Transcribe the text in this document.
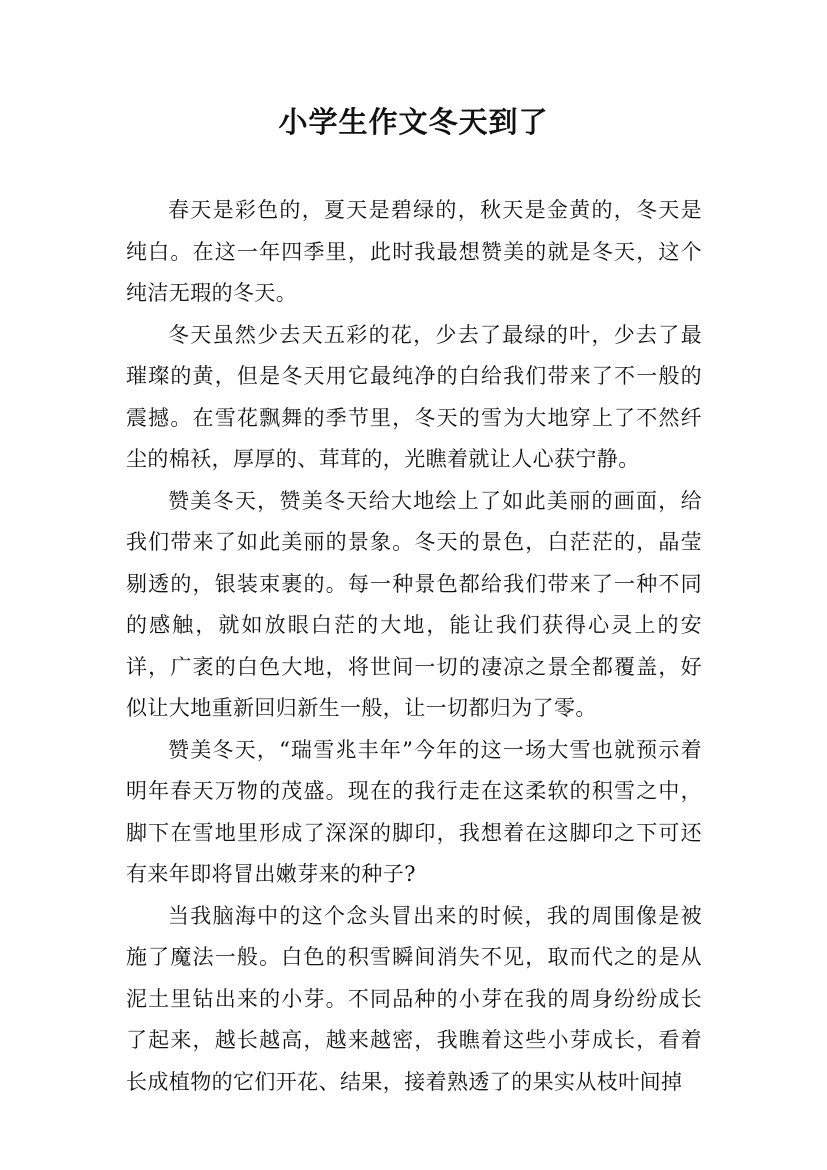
小学生作文冬天到了

春天是彩色的，夏天是碧绿的，秋天是金黄的，冬天是纯白。在这一年四季里，此时我最想赞美的就是冬天，这个纯洁无瑕的冬天。

冬天虽然少去天五彩的花，少去了最绿的叶，少去了最璀璨的黄，但是冬天用它最纯净的白给我们带来了不一般的震撼。在雪花飘舞的季节里，冬天的雪为大地穿上了不然纤尘的棉袄，厚厚的、茸茸的，光瞧着就让人心获宁静。

赞美冬天，赞美冬天给大地绘上了如此美丽的画面，给我们带来了如此美丽的景象。冬天的景色，白茫茫的，晶莹剔透的，银装束裹的。每一种景色都给我们带来了一种不同的感触，就如放眼白茫的大地，能让我们获得心灵上的安详，广袤的白色大地，将世间一切的凄凉之景全都覆盖，好似让大地重新回归新生一般，让一切都归为了零。

赞美冬天，“瑞雪兆丰年”今年的这一场大雪也就预示着明年春天万物的茂盛。现在的我行走在这柔软的积雪之中，脚下在雪地里形成了深深的脚印，我想着在这脚印之下可还有来年即将冒出嫩芽来的种子?

当我脑海中的这个念头冒出来的时候，我的周围像是被施了魔法一般。白色的积雪瞬间消失不见，取而代之的是从泥土里钻出来的小芽。不同品种的小芽在我的周身纷纷成长了起来，越长越高，越来越密，我瞧着这些小芽成长，看着长成植物的它们开花、结果，接着熟透了的果实从枝叶间掉
